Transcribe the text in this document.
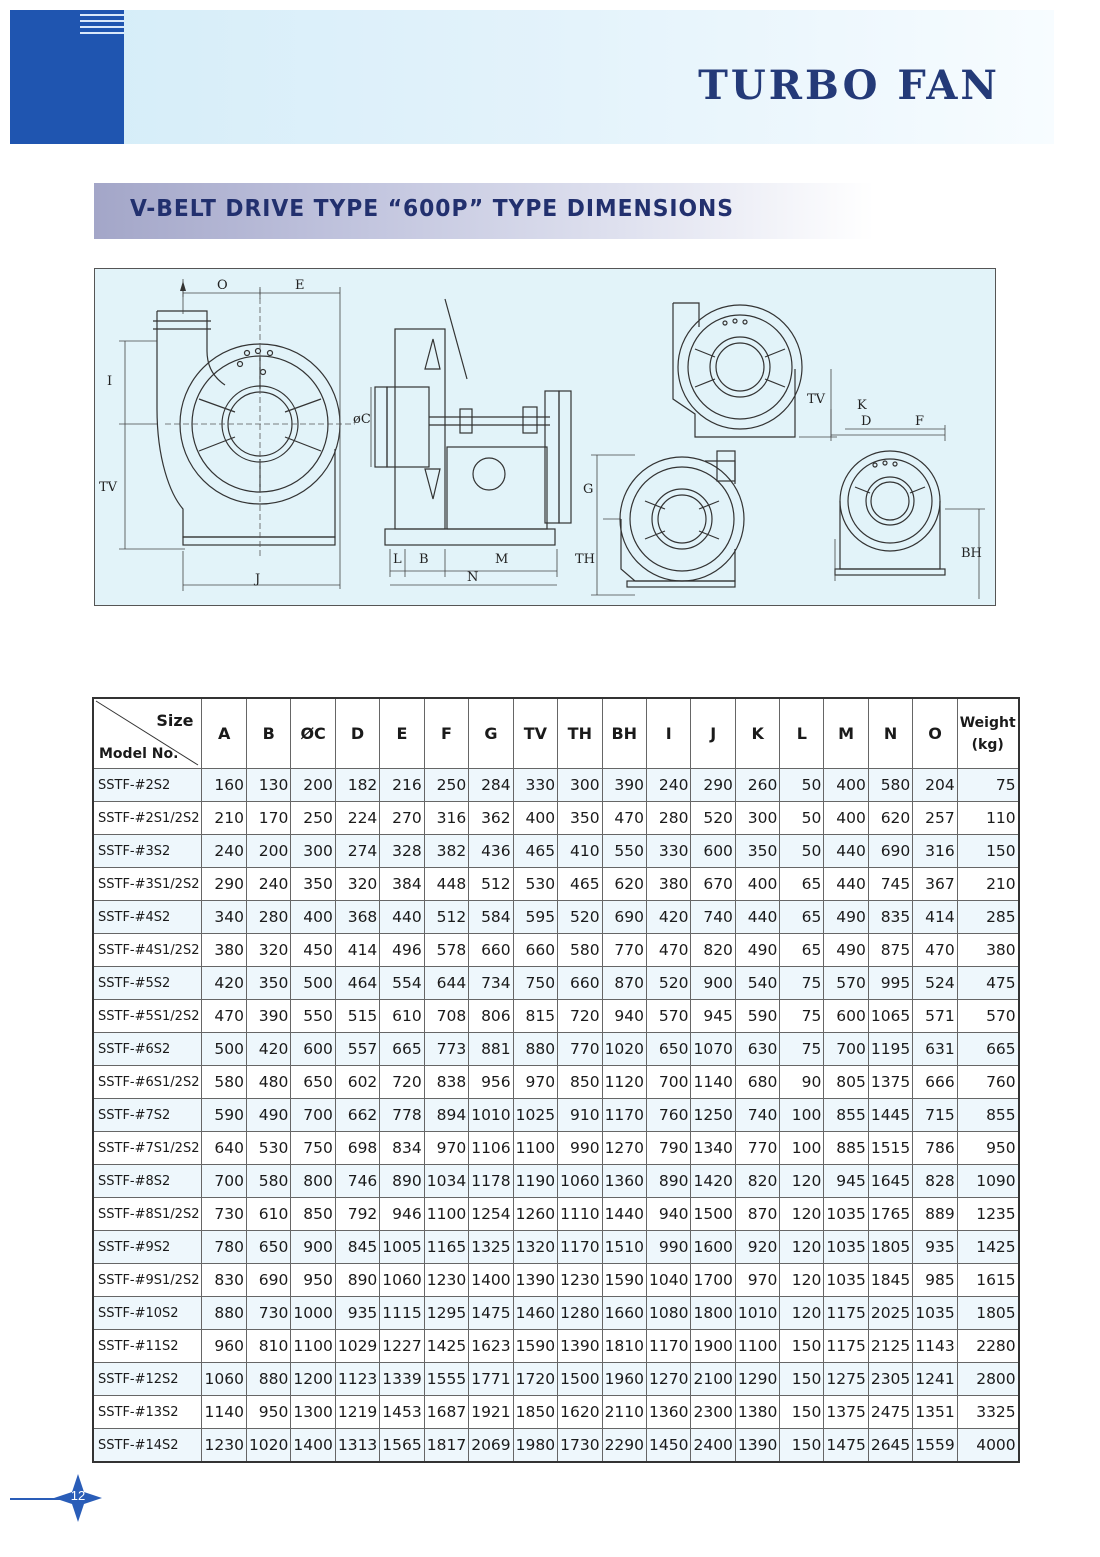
TURBO FAN
V-BELT DRIVE TYPE “600P” TYPE DIMENSIONS
O	E
I
TV
J
øC
L B	M
N
G
TH
TV K
D	F
BH
Size
Model No.	A	B	ØC	D	E	F	G	TV	TH	BH	I	J	K	L	M	N	O	Weight
(kg)
SSTF-#2S2	160	130	200	182	216	250	284	330	300	390	240	290	260	50	400	580	204	75
SSTF-#2S1/2S2	210	170	250	224	270	316	362	400	350	470	280	520	300	50	400	620	257	110
SSTF-#3S2	240	200	300	274	328	382	436	465	410	550	330	600	350	50	440	690	316	150
SSTF-#3S1/2S2	290	240	350	320	384	448	512	530	465	620	380	670	400	65	440	745	367	210
SSTF-#4S2	340	280	400	368	440	512	584	595	520	690	420	740	440	65	490	835	414	285
SSTF-#4S1/2S2	380	320	450	414	496	578	660	660	580	770	470	820	490	65	490	875	470	380
SSTF-#5S2	420	350	500	464	554	644	734	750	660	870	520	900	540	75	570	995	524	475
SSTF-#5S1/2S2	470	390	550	515	610	708	806	815	720	940	570	945	590	75	600	1065	571	570
SSTF-#6S2	500	420	600	557	665	773	881	880	770	1020	650	1070	630	75	700	1195	631	665
SSTF-#6S1/2S2	580	480	650	602	720	838	956	970	850	1120	700	1140	680	90	805	1375	666	760
SSTF-#7S2	590	490	700	662	778	894	1010	1025	910	1170	760	1250	740	100	855	1445	715	855
SSTF-#7S1/2S2	640	530	750	698	834	970	1106	1100	990	1270	790	1340	770	100	885	1515	786	950
SSTF-#8S2	700	580	800	746	890	1034	1178	1190	1060	1360	890	1420	820	120	945	1645	828	1090
SSTF-#8S1/2S2	730	610	850	792	946	1100	1254	1260	1110	1440	940	1500	870	120	1035	1765	889	1235
SSTF-#9S2	780	650	900	845	1005	1165	1325	1320	1170	1510	990	1600	920	120	1035	1805	935	1425
SSTF-#9S1/2S2	830	690	950	890	1060	1230	1400	1390	1230	1590	1040	1700	970	120	1035	1845	985	1615
SSTF-#10S2	880	730	1000	935	1115	1295	1475	1460	1280	1660	1080	1800	1010	120	1175	2025	1035	1805
SSTF-#11S2	960	810	1100	1029	1227	1425	1623	1590	1390	1810	1170	1900	1100	150	1175	2125	1143	2280
SSTF-#12S2	1060	880	1200	1123	1339	1555	1771	1720	1500	1960	1270	2100	1290	150	1275	2305	1241	2800
SSTF-#13S2	1140	950	1300	1219	1453	1687	1921	1850	1620	2110	1360	2300	1380	150	1375	2475	1351	3325
SSTF-#14S2	1230	1020	1400	1313	1565	1817	2069	1980	1730	2290	1450	2400	1390	150	1475	2645	1559	4000
12
